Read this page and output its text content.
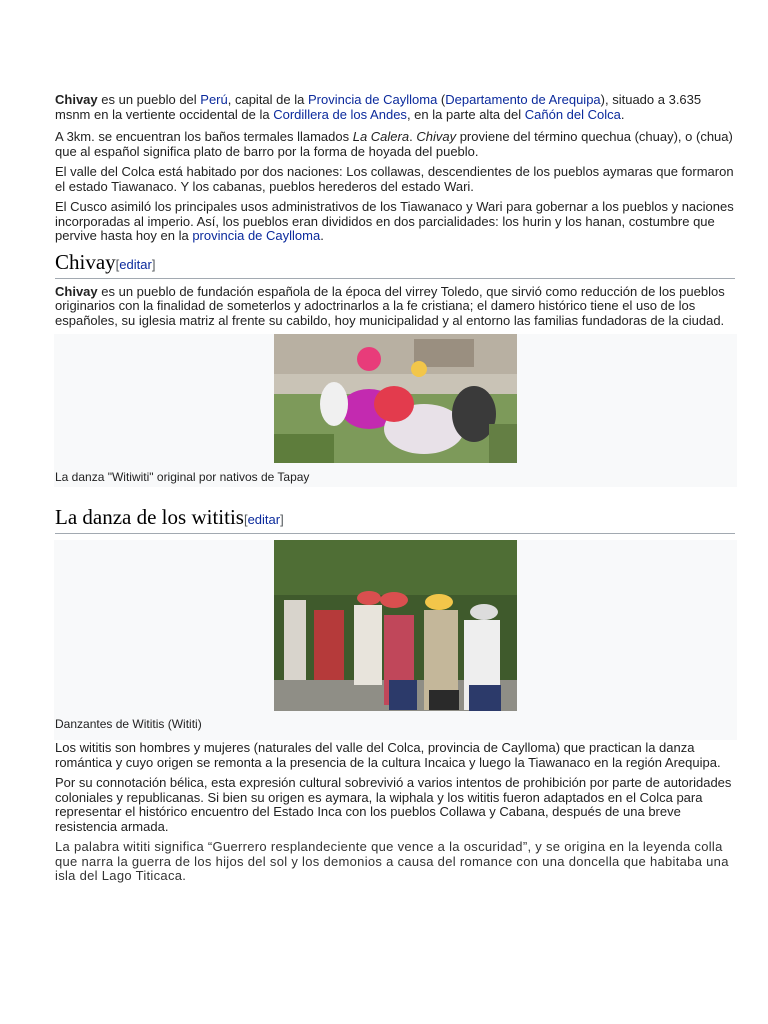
Chivay es un pueblo del Perú, capital de la Provincia de Caylloma (Departamento de Arequipa), situado a 3.635 msnm en la vertiente occidental de la Cordillera de los Andes, en la parte alta del Cañón del Colca.

A 3km. se encuentran los baños termales llamados La Calera. Chivay proviene del término quechua (chuay), o (chua) que al español significa plato de barro por la forma de hoyada del pueblo.

El valle del Colca está habitado por dos naciones: Los collawas, descendientes de los pueblos aymaras que formaron el estado Tiawanaco. Y los cabanas, pueblos herederos del estado Wari.

El Cusco asimiló los principales usos administrativos de los Tiawanaco y Wari para gobernar a los pueblos y naciones incorporadas al imperio. Así, los pueblos eran divididos en dos parcialidades: los hurin y los hanan, costumbre que pervive hasta hoy en la provincia de Caylloma.

Chivay[editar]

Chivay es un pueblo de fundación española de la época del virrey Toledo, que sirvió como reducción de los pueblos originarios con la finalidad de someterlos y adoctrinarlos a la fe cristiana; el damero histórico tiene el uso de los españoles, su iglesia matriz al frente su cabildo, hoy municipalidad y al entorno las familias fundadoras de la ciudad.

La danza "Witiwiti" original por nativos de Tapay
La danza de los wititis[editar]
Danzantes de Wititis (Wititi)

Los wititis son hombres y mujeres (naturales del valle del Colca, provincia de Caylloma) que practican la danza romántica y cuyo origen se remonta a la presencia de la cultura Incaica y luego la Tiawanaco en la región Arequipa.

Por su connotación bélica, esta expresión cultural sobrevivió a varios intentos de prohibición por parte de autoridades coloniales y republicanas. Si bien su origen es aymara, la wiphala y los wititis fueron adaptados en el Colca para representar el histórico encuentro del Estado Inca con los pueblos Collawa y Cabana, después de una breve resistencia armada.

La palabra wititi significa “Guerrero resplandeciente que vence a la oscuridad”, y se origina en la leyenda colla que narra la guerra de los hijos del sol y los demonios a causa del romance con una doncella que habitaba una isla del Lago Titicaca.
